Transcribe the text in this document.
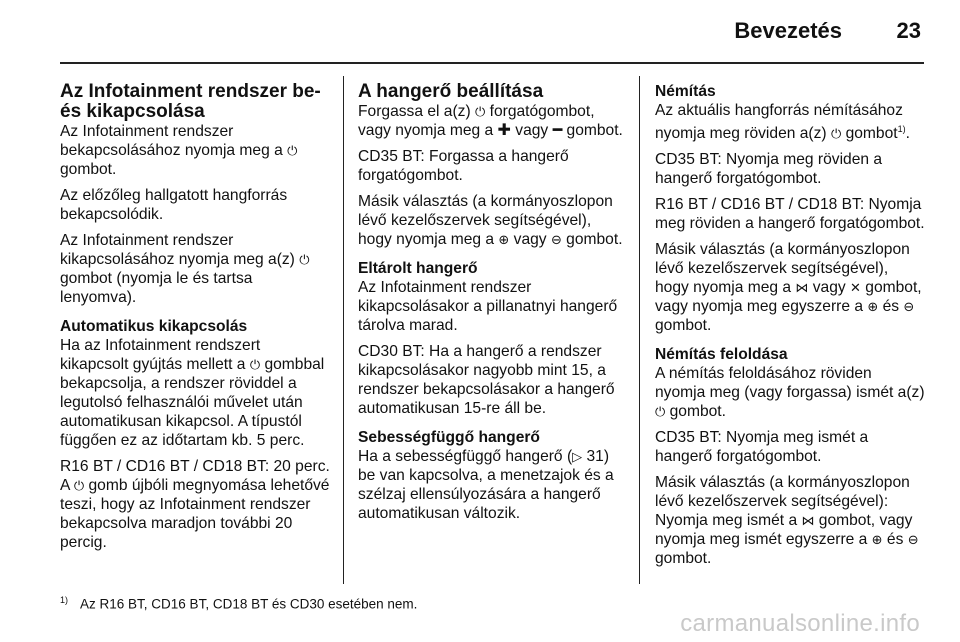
Bevezetés 23
Az Infotainment rendszer be- és kikapcsolása

Az Infotainment rendszer bekapcsolásához nyomja meg a ⏻ gombot.

Az előzőleg hallgatott hangforrás bekapcsolódik.

Az Infotainment rendszer kikapcsolásához nyomja meg a(z) ⏻ gombot (nyomja le és tartsa lenyomva).

Automatikus kikapcsolás

Ha az Infotainment rendszert kikapcsolt gyújtás mellett a ⏻ gombbal bekapcsolja, a rendszer röviddel a legutolsó felhasználói művelet után automatikusan kikapcsol. A típustól függően ez az időtartam kb. 5 perc.

R16 BT / CD16 BT / CD18 BT: 20 perc. A ⏻ gomb újbóli megnyomása lehetővé teszi, hogy az Infotainment rendszer bekapcsolva maradjon további 20 percig.

A hangerő beállítása

Forgassa el a(z) ⏻ forgatógombot, vagy nyomja meg a ✚ vagy ━ gombot.

CD35 BT: Forgassa a hangerő forgatógombot.

Másik választás (a kormányoszlopon lévő kezelőszervek segítségével), hogy nyomja meg a ⊕ vagy ⊖ gombot.

Eltárolt hangerő

Az Infotainment rendszer kikapcsolásakor a pillanatnyi hangerő tárolva marad.

CD30 BT: Ha a hangerő a rendszer kikapcsolásakor nagyobb mint 15, a rendszer bekapcsolásakor a hangerő automatikusan 15-re áll be.

Sebességfüggő hangerő

Ha a sebességfüggő hangerő (▷ 31) be van kapcsolva, a menetzajok és a szélzaj ellensúlyozására a hangerő automatikusan változik.

Némítás

Az aktuális hangforrás némításához nyomja meg röviden a(z) ⏻ gombot$^{1)}$.

CD35 BT: Nyomja meg röviden a hangerő forgatógombot.

R16 BT / CD16 BT / CD18 BT: Nyomja meg röviden a hangerő forgatógombot.

Másik választás (a kormányoszlopon lévő kezelőszervek segítségével), hogy nyomja meg a ⋈ vagy ✕ gombot, vagy nyomja meg egyszerre a ⊕ és ⊖ gombot.

Némítás feloldása

A némítás feloldásához röviden nyomja meg (vagy forgassa) ismét a(z) ⏻ gombot.

CD35 BT: Nyomja meg ismét a hangerő forgatógombot.

Másik választás (a kormányoszlopon lévő kezelőszervek segítségével): Nyomja meg ismét a ⋈ gombot, vagy nyomja meg ismét egyszerre a ⊕ és ⊖ gombot.

$^{1)}$ Az R16 BT, CD16 BT, CD18 BT és CD30 esetében nem.
carmanualsonline.info
